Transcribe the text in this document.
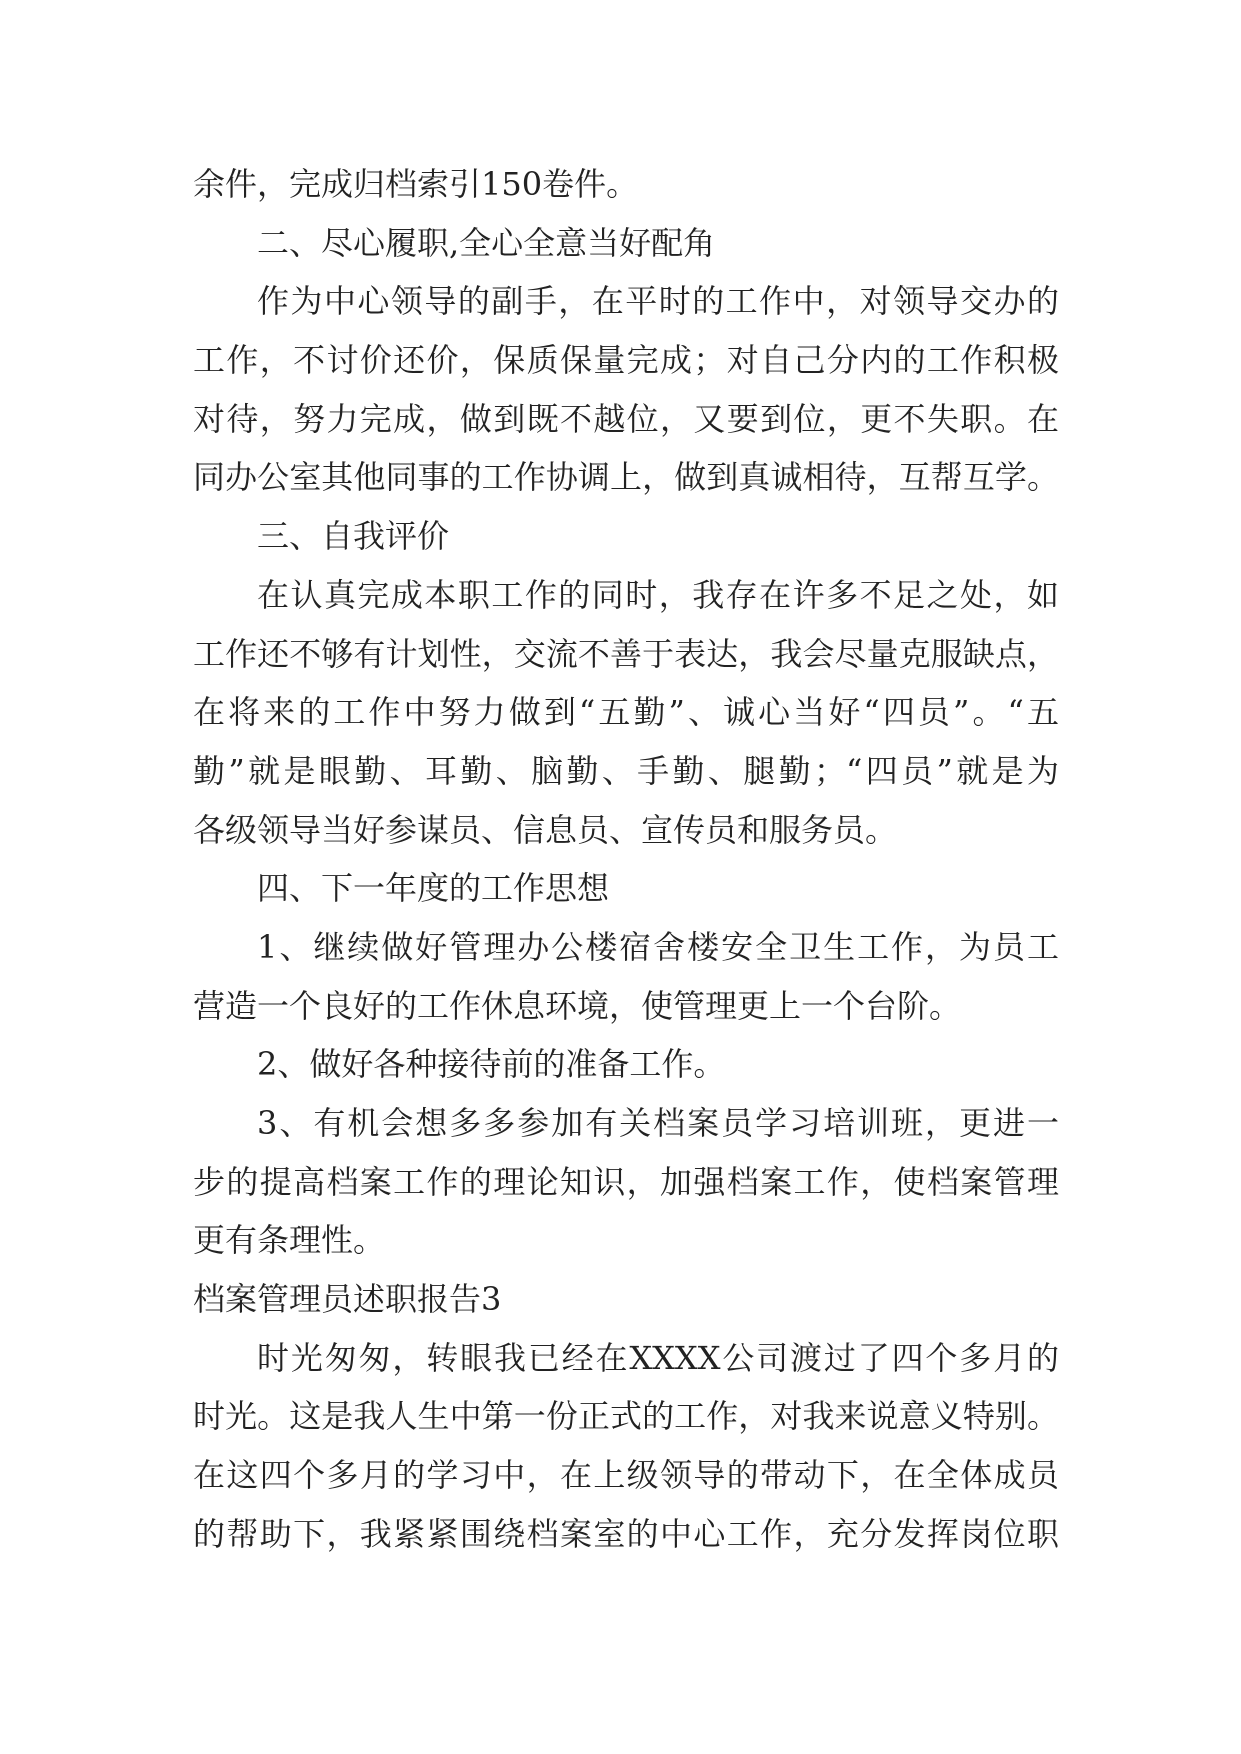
余件，完成归档索引150卷件。
二、尽心履职,全心全意当好配角
作为中心领导的副手，在平时的工作中，对领导交办的
工作，不讨价还价，保质保量完成；对自己分内的工作积极
对待，努力完成，做到既不越位，又要到位，更不失职。在
同办公室其他同事的工作协调上，做到真诚相待，互帮互学。
三、自我评价
在认真完成本职工作的同时，我存在许多不足之处，如
工作还不够有计划性，交流不善于表达，我会尽量克服缺点，
在将来的工作中努力做到“五勤”、诚心当好“四员”。“五
勤”就是眼勤、耳勤、脑勤、手勤、腿勤；“四员”就是为
各级领导当好参谋员、信息员、宣传员和服务员。
四、下一年度的工作思想
1、继续做好管理办公楼宿舍楼安全卫生工作，为员工
营造一个良好的工作休息环境，使管理更上一个台阶。
2、做好各种接待前的准备工作。
3、有机会想多多参加有关档案员学习培训班，更进一
步的提高档案工作的理论知识，加强档案工作，使档案管理
更有条理性。
档案管理员述职报告3
时光匆匆，转眼我已经在XXXX公司渡过了四个多月的
时光。这是我人生中第一份正式的工作，对我来说意义特别。
在这四个多月的学习中，在上级领导的带动下，在全体成员
的帮助下，我紧紧围绕档案室的中心工作，充分发挥岗位职
